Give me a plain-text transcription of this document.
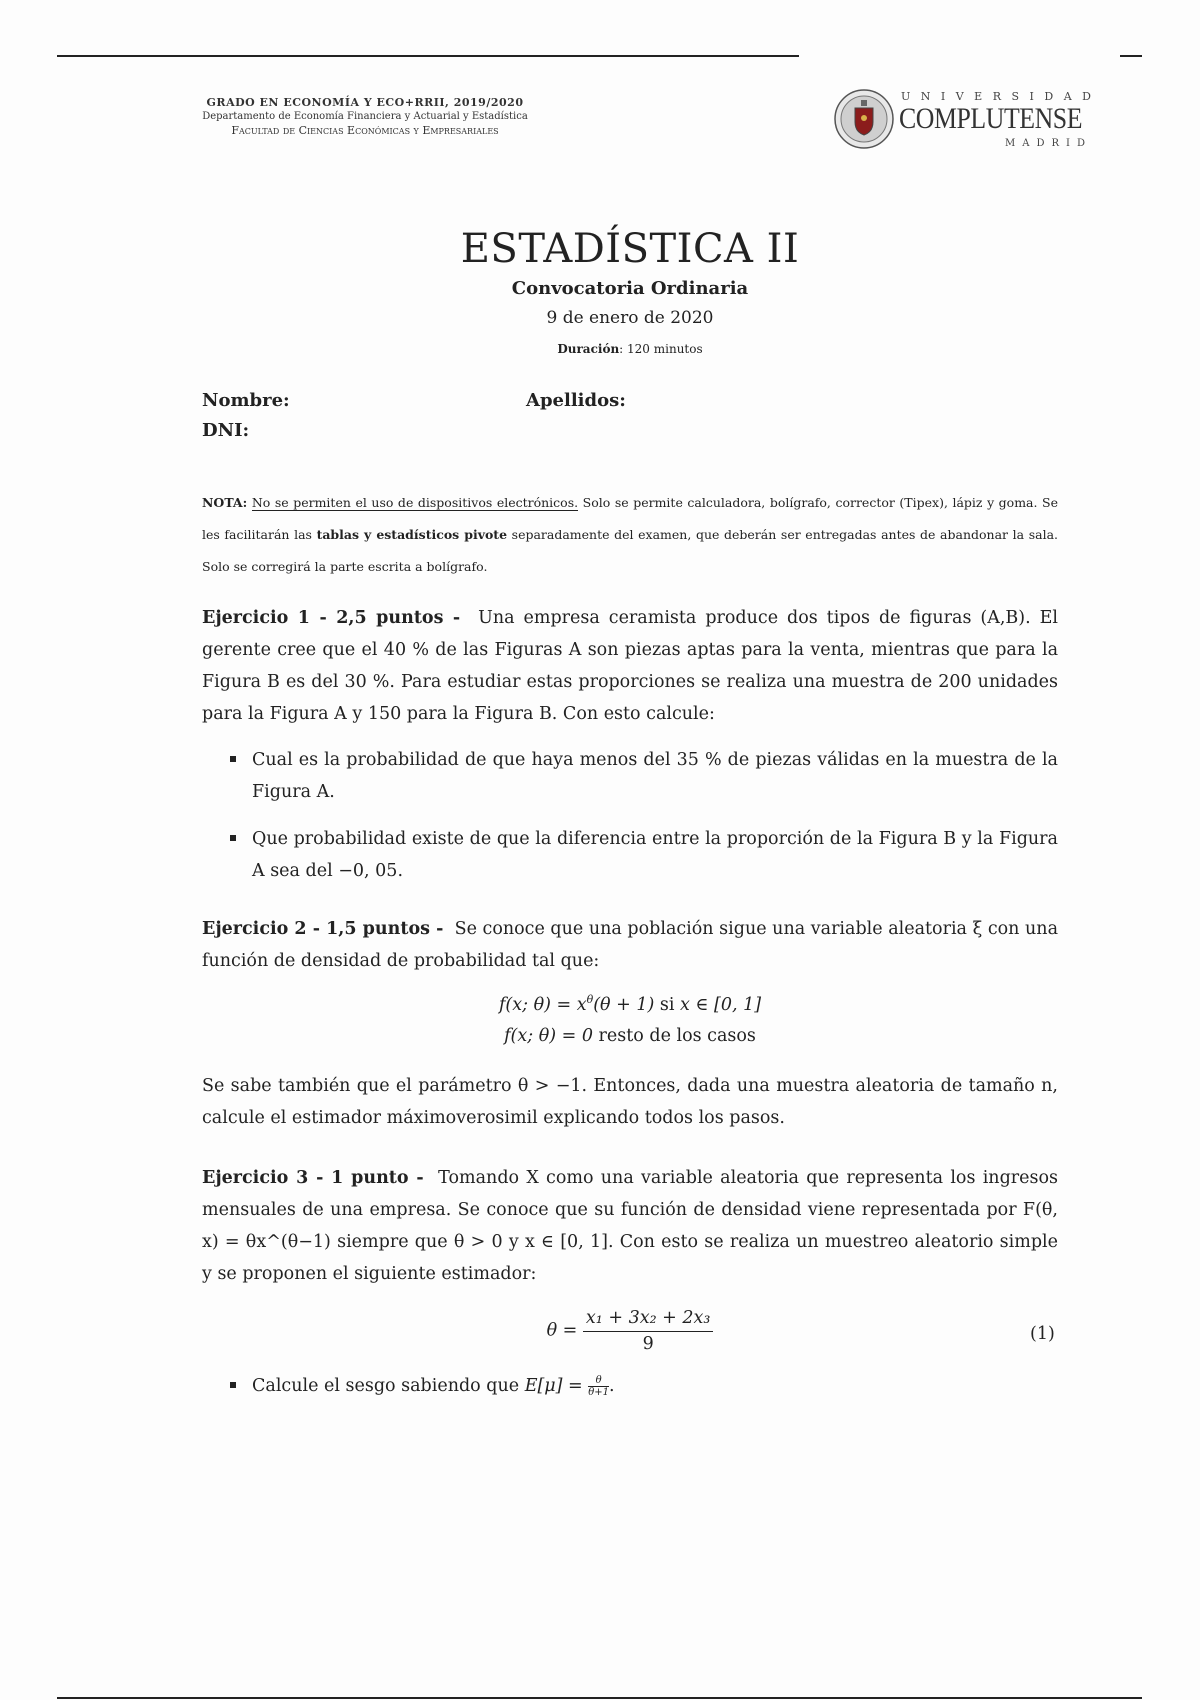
GRADO EN ECONOMÍA Y ECO+RRII, 2019/2020
Departamento de Economía Financiera y Actuarial y Estadística
Facultad de Ciencias Económicas y Empresariales
UNIVERSIDAD
COMPLUTENSE
MADRID
ESTADÍSTICA II
Convocatoria Ordinaria
9 de enero de 2020
Duración: 120 minutos
Nombre:	Apellidos:
DNI:
NOTA: No se permiten el uso de dispositivos electrónicos. Solo se permite calculadora, bolígrafo, corrector (Tipex), lápiz y goma. Se les facilitarán las tablas y estadísticos pivote separadamente del examen, que deberán ser entregadas antes de abandonar la sala. Solo se corregirá la parte escrita a bolígrafo.
Ejercicio 1 - 2,5 puntos - Una empresa ceramista produce dos tipos de figuras (A,B). El gerente cree que el 40 % de las Figuras A son piezas aptas para la venta, mientras que para la Figura B es del 30 %. Para estudiar estas proporciones se realiza una muestra de 200 unidades para la Figura A y 150 para la Figura B. Con esto calcule:
Cual es la probabilidad de que haya menos del 35 % de piezas válidas en la muestra de la Figura A.
Que probabilidad existe de que la diferencia entre la proporción de la Figura B y la Figura A sea del −0, 05.
Ejercicio 2 - 1,5 puntos - Se conoce que una población sigue una variable aleatoria ξ con una función de densidad de probabilidad tal que:
f(x; $\theta) = x^\theta(\theta + 1)$ si x ∈ [0, 1]
f(x; θ) = 0 resto de los casos
Se sabe también que el parámetro θ > −1. Entonces, dada una muestra aleatoria de tamaño n, calcule el estimador máximoverosimil explicando todos los pasos.
Ejercicio 3 - 1 punto - Tomando X como una variable aleatoria que representa los ingresos mensuales de una empresa. Se conoce que su función de densidad viene representada por F(θ, x) = θx^(θ−1) siempre que θ > 0 y x ∈ [0, 1]. Con esto se realiza un muestreo aleatorio simple y se proponen el siguiente estimador:
$\theta = \frac{\text{x₁ + 3x₂ + 2x₃}}{9}$	(1)
Calcule el sesgo sabiendo que $E[\mu] = \frac{\theta}{\theta+1}$ .
